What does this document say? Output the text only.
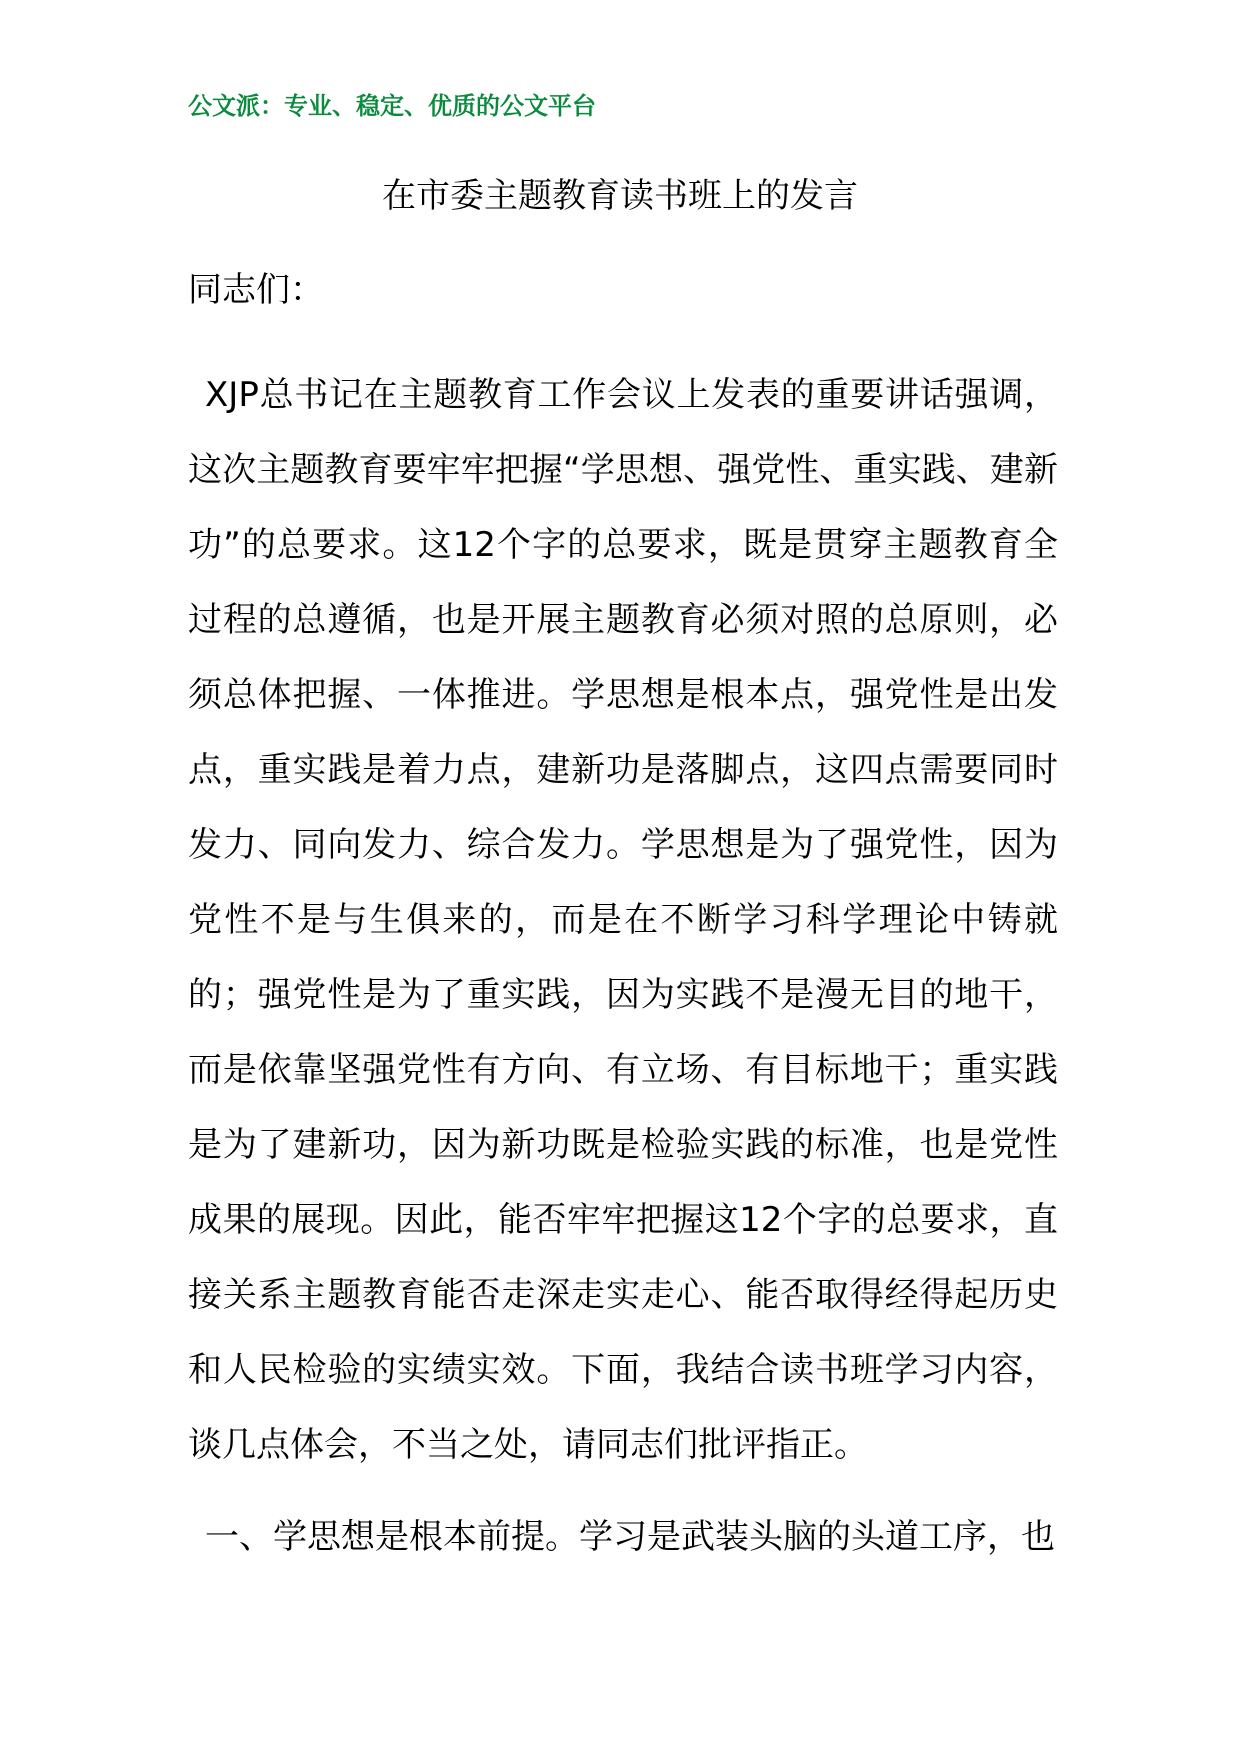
公文派：专业、稳定、优质的公文平台
在市委主题教育读书班上的发言
同志们：

XJP总书记在主题教育工作会议上发表的重要讲话强调，这次主题教育要牢牢把握“学思想、强党性、重实践、建新功”的总要求。这12个字的总要求，既是贯穿主题教育全过程的总遵循，也是开展主题教育必须对照的总原则，必须总体把握、一体推进。学思想是根本点，强党性是出发点，重实践是着力点，建新功是落脚点，这四点需要同时发力、同向发力、综合发力。学思想是为了强党性，因为党性不是与生俱来的，而是在不断学习科学理论中铸就的；强党性是为了重实践，因为实践不是漫无目的地干，而是依靠坚强党性有方向、有立场、有目标地干；重实践是为了建新功，因为新功既是检验实践的标准，也是党性成果的展现。因此，能否牢牢把握这12个字的总要求，直接关系主题教育能否走深走实走心、能否取得经得起历史和人民检验的实绩实效。下面，我结合读书班学习内容，谈几点体会，不当之处，请同志们批评指正。

一、学思想是根本前提。学习是武装头脑的头道工序，也
